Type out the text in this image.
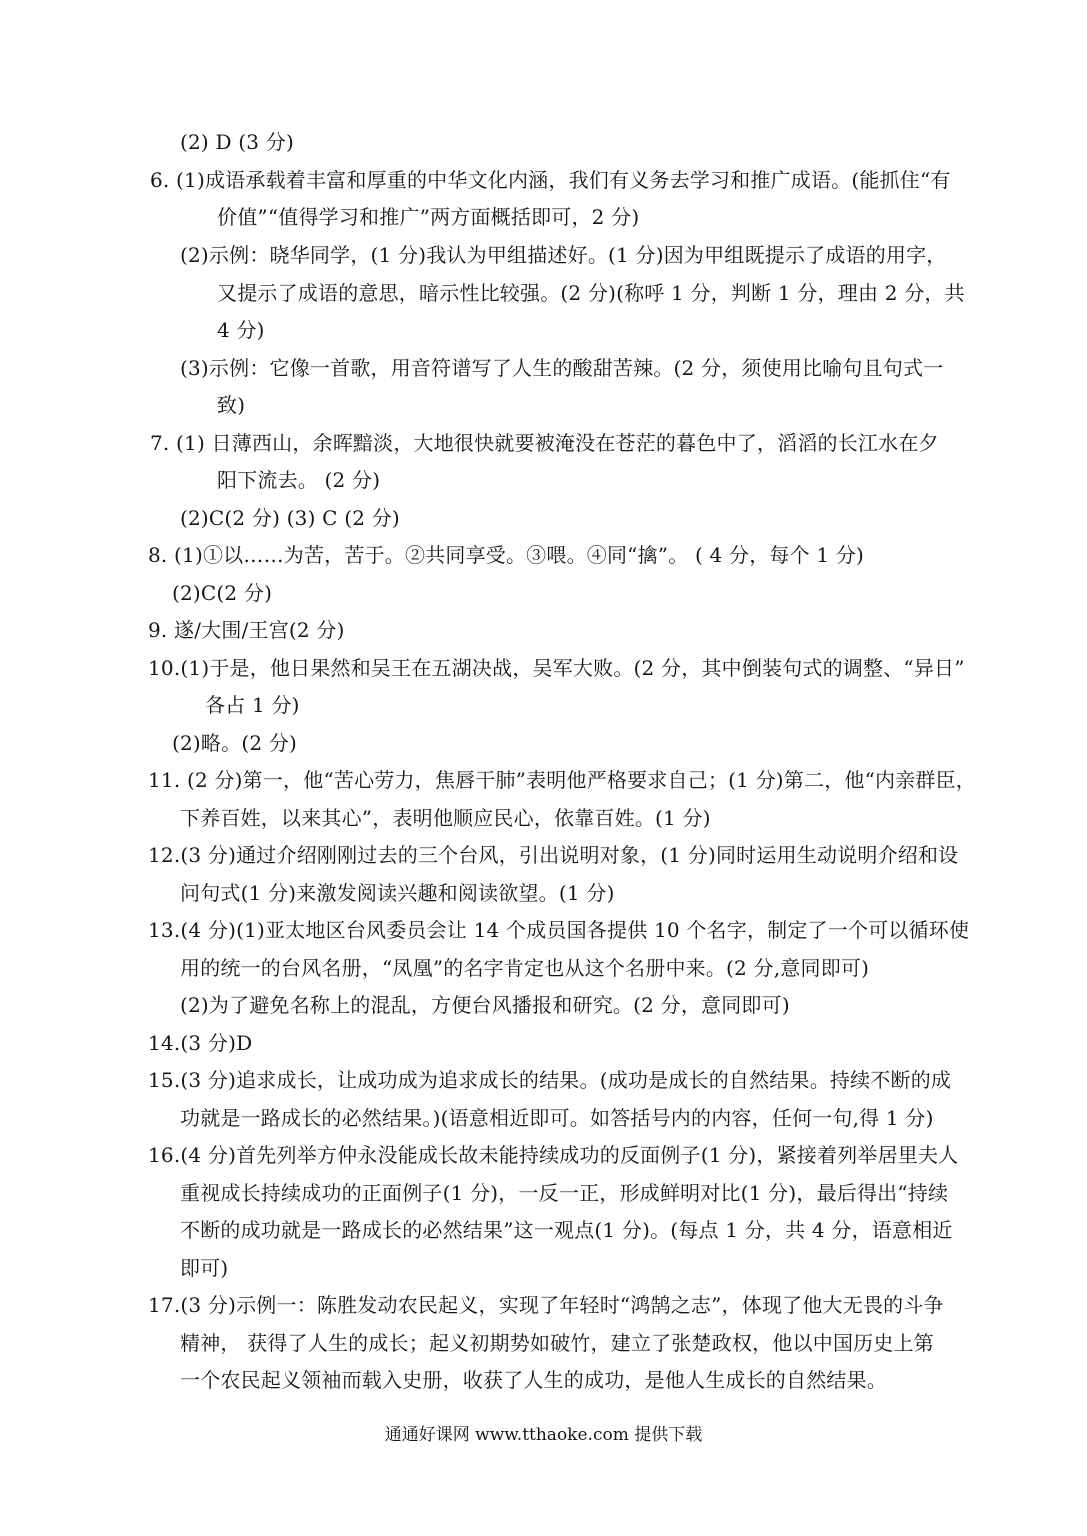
(2) D (3 分)
6. (1)成语承载着丰富和厚重的中华文化内涵，我们有义务去学习和推广成语。(能抓住“有
价值”“值得学习和推广”两方面概括即可，2 分)
(2)示例：晓华同学，(1 分)我认为甲组描述好。(1 分)因为甲组既提示了成语的用字，
又提示了成语的意思，暗示性比较强。(2 分)(称呼 1 分，判断 1 分，理由 2 分，共
4 分)
(3)示例：它像一首歌，用音符谱写了人生的酸甜苦辣。(2 分，须使用比喻句且句式一
致)
7. (1) 日薄西山，余晖黯淡，大地很快就要被淹没在苍茫的暮色中了，滔滔的长江水在夕
阳下流去。 (2 分)
(2)C(2 分) (3) C (2 分)
8. (1)①以……为苦，苦于。②共同享受。③喂。④同“擒”。 ( 4 分，每个 1 分)
(2)C(2 分)
9. 遂/大围/王宫(2 分)
10.(1)于是，他日果然和吴王在五湖决战，吴军大败。(2 分，其中倒装句式的调整、“异日”
各占 1 分)
(2)略。(2 分)
11. (2 分)第一，他“苦心劳力，焦唇干肺”表明他严格要求自己；(1 分)第二，他“内亲群臣，
下养百姓，以来其心”，表明他顺应民心，依靠百姓。(1 分)
12.(3 分)通过介绍刚刚过去的三个台风，引出说明对象，(1 分)同时运用生动说明介绍和设
问句式(1 分)来激发阅读兴趣和阅读欲望。(1 分)
13.(4 分)(1)亚太地区台风委员会让 14 个成员国各提供 10 个名字，制定了一个可以循环使
用的统一的台风名册，“凤凰”的名字肯定也从这个名册中来。(2 分,意同即可)
(2)为了避免名称上的混乱，方便台风播报和研究。(2 分，意同即可)
14.(3 分)D
15.(3 分)追求成长，让成功成为追求成长的结果。(成功是成长的自然结果。持续不断的成
功就是一路成长的必然结果。)(语意相近即可。如答括号内的内容，任何一句,得 1 分)
16.(4 分)首先列举方仲永没能成长故未能持续成功的反面例子(1 分)，紧接着列举居里夫人
重视成长持续成功的正面例子(1 分)，一反一正，形成鲜明对比(1 分)，最后得出“持续
不断的成功就是一路成长的必然结果”这一观点(1 分)。(每点 1 分，共 4 分，语意相近
即可)
17.(3 分)示例一：陈胜发动农民起义，实现了年轻时“鸿鹄之志”，体现了他大无畏的斗争
精神， 获得了人生的成长；起义初期势如破竹，建立了张楚政权，他以中国历史上第
一个农民起义领袖而载入史册，收获了人生的成功，是他人生成长的自然结果。
通通好课网 www.tthaoke.com 提供下载
